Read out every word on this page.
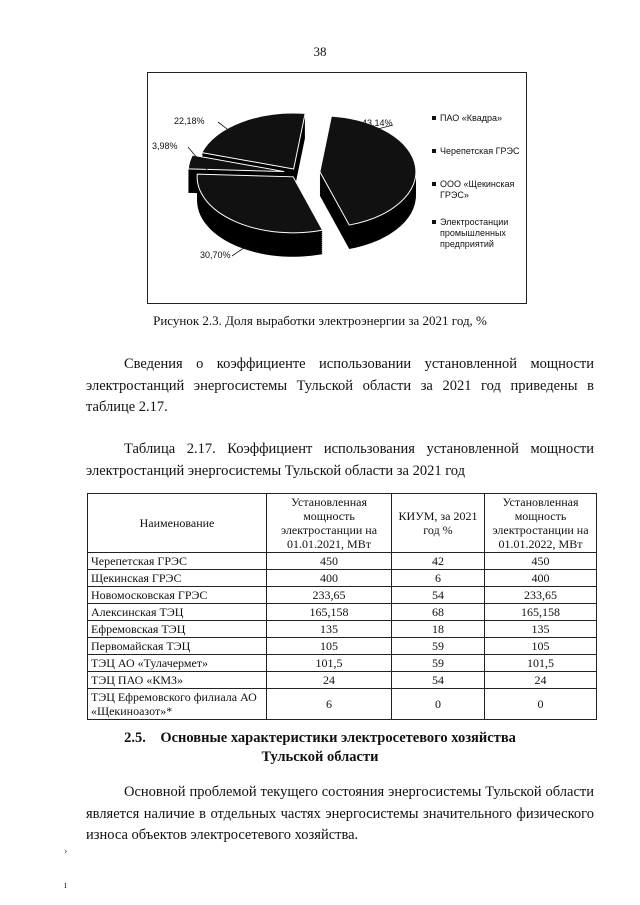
38
43,14%
30,70%
3,98%
22,18%	ПАО «Квадра»
Черепетская ГРЭС
ООО «Щекинская ГРЭС»
Электростанции промышленных предприятий
Рисунок 2.3. Доля выработки электроэнергии за 2021 год, %

Сведения о коэффициенте использовании установленной мощности электростанций энергосистемы Тульской области за 2021 год приведены в таблице 2.17.

Таблица 2.17. Коэффициент использования установленной мощности электростанций энергосистемы Тульской области за 2021 год

Наименование	Установленная мощность электростанции на 01.01.2021, МВт	КИУМ, за 2021 год %	Установленная мощность электростанции на 01.01.2022, МВт
Черепетская ГРЭС	450	42	450
Щекинская ГРЭС	400	6	400
Новомосковская ГРЭС	233,65	54	233,65
Алексинская ТЭЦ	165,158	68	165,158
Ефремовская ТЭЦ	135	18	135
Первомайская ТЭЦ	105	59	105
ТЭЦ АО «Тулачермет»	101,5	59	101,5
ТЭЦ ПАО «КМЗ»	24	54	24
ТЭЦ Ефремовского филиала АО «Щекиноазот»*	6	0	0
2.5. Основные характеристики электросетевого хозяйства
Тульской области

Основной проблемой текущего состояния энергосистемы Тульской области является наличие в отдельных частях энергосистемы значительного физического износа объектов электросетевого хозяйства.

›
ı
